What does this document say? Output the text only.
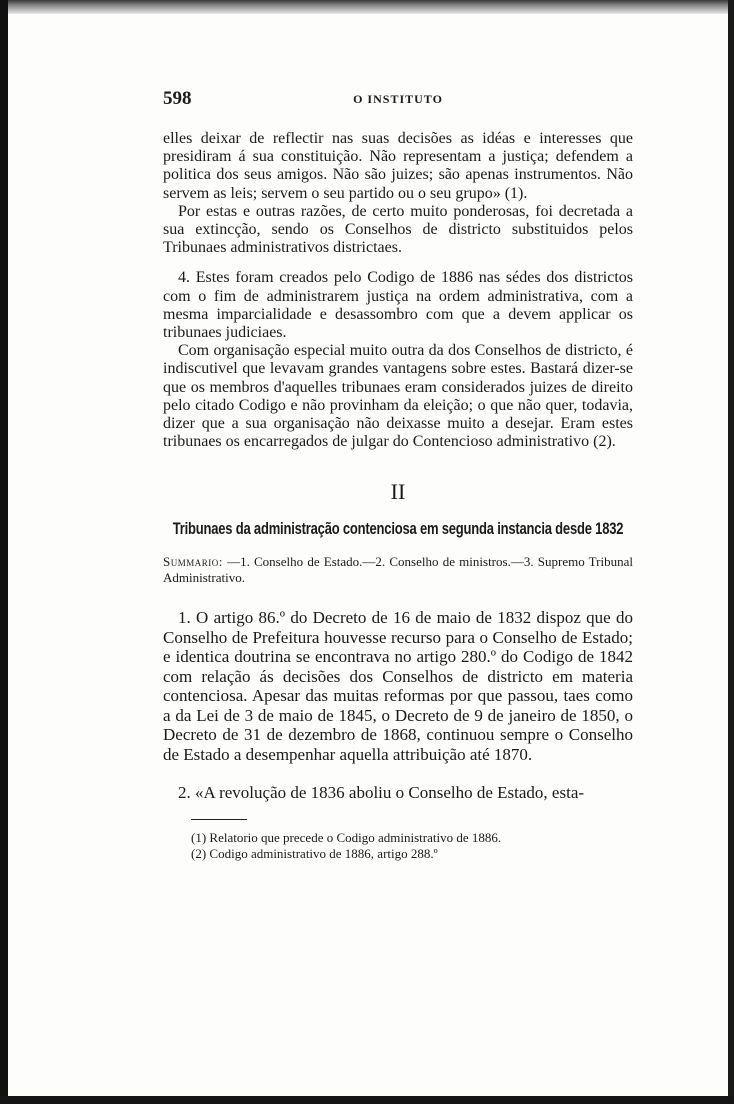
598	O INSTITUTO

elles deixar de reflectir nas suas decisões as idéas e interesses que presidiram á sua constituição. Não representam a justiça; defendem a politica dos seus amigos. Não são juizes; são apenas instrumentos. Não servem as leis; servem o seu partido ou o seu grupo» (1).

Por estas e outras razões, de certo muito ponderosas, foi decretada a sua extincção, sendo os Conselhos de districto substituidos pelos Tribunaes administrativos districtaes.

4. Estes foram creados pelo Codigo de 1886 nas sédes dos districtos com o fim de administrarem justiça na ordem administrativa, com a mesma imparcialidade e desassombro com que a devem applicar os tribunaes judiciaes.

Com organisação especial muito outra da dos Conselhos de districto, é indiscutivel que levavam grandes vantagens sobre estes. Bastará dizer-se que os membros d'aquelles tribunaes eram considerados juizes de direito pelo citado Codigo e não provinham da eleição; o que não quer, todavia, dizer que a sua organisação não deixasse muito a desejar. Eram estes tribunaes os encarregados de julgar do Contencioso administrativo (2).

II
Tribunaes da administração contenciosa em segunda instancia desde 1832
Summario: —1. Conselho de Estado.—2. Conselho de ministros.—3. Supremo Tribunal Administrativo.

1. O artigo 86.º do Decreto de 16 de maio de 1832 dispoz que do Conselho de Prefeitura houvesse recurso para o Conselho de Estado; e identica doutrina se encontrava no artigo 280.º do Codigo de 1842 com relação ás decisões dos Conselhos de districto em materia contenciosa. Apesar das muitas reformas por que passou, taes como a da Lei de 3 de maio de 1845, o Decreto de 9 de janeiro de 1850, o Decreto de 31 de dezembro de 1868, continuou sempre o Conselho de Estado a desempenhar aquella attribuição até 1870.

2. «A revolução de 1836 aboliu o Conselho de Estado, esta-

(1) Relatorio que precede o Codigo administrativo de 1886.

(2) Codigo administrativo de 1886, artigo 288.º
